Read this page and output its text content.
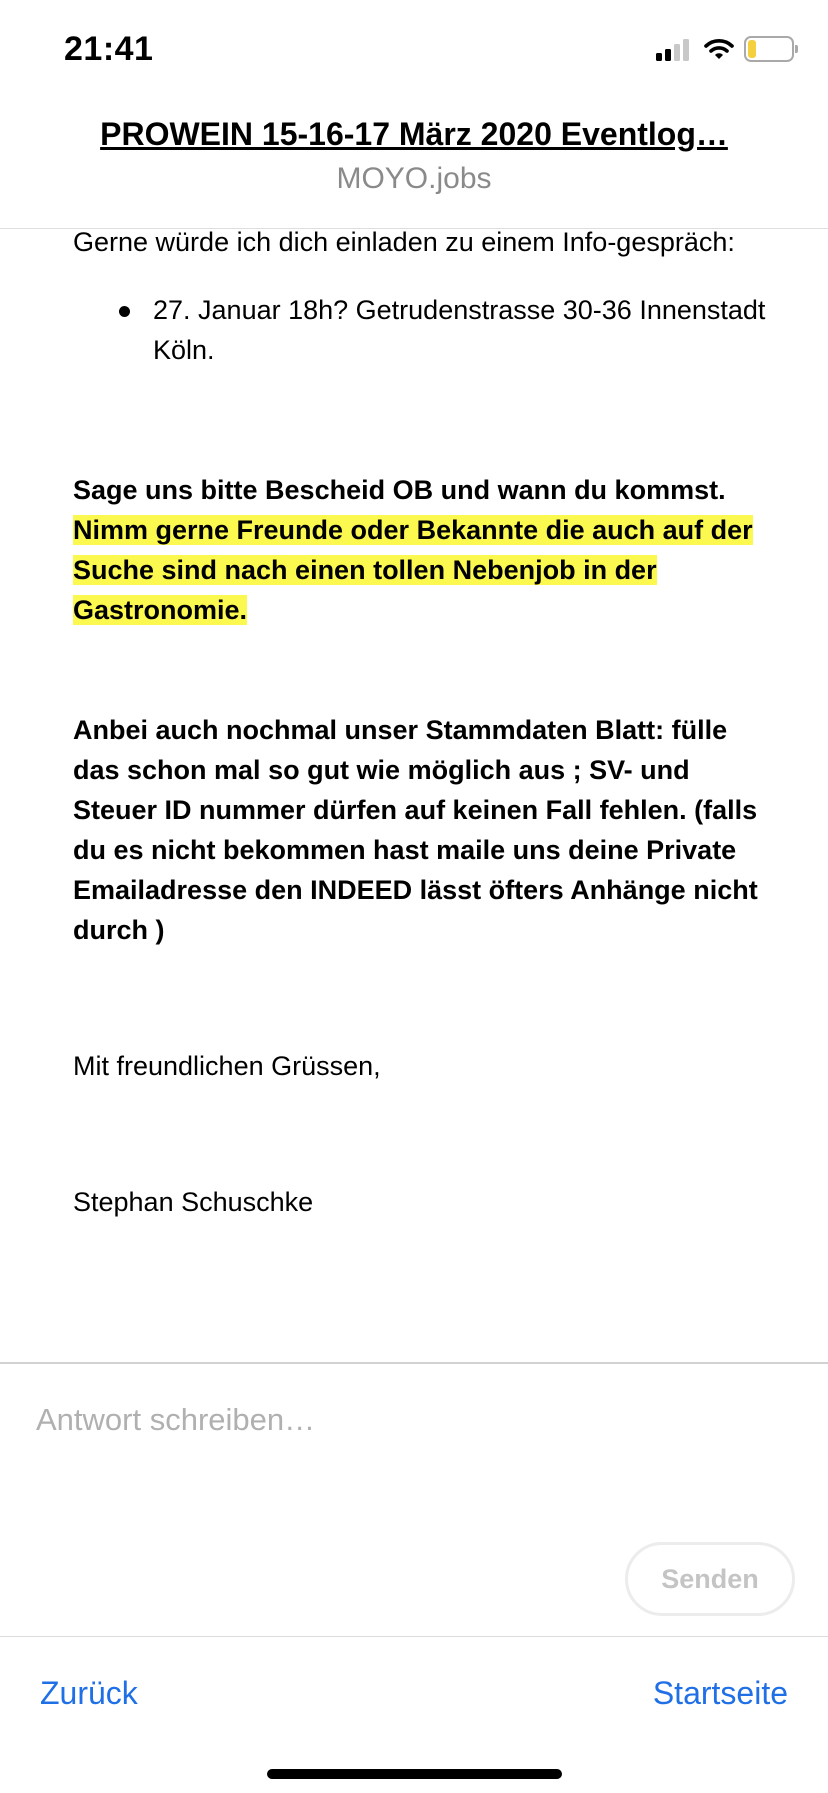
21:41
PROWEIN 15-16-17 März 2020 Eventlog…
MOYO.jobs

Gerne würde ich dich einladen zu einem Info-gespräch:

27. Januar 18h? Getrudenstrasse 30-36 Innenstadt Köln.

Sage uns bitte Bescheid OB und wann du kommst.
Nimm gerne Freunde oder Bekannte die auch auf der Suche sind nach einen tollen Nebenjob in der Gastronomie.

Anbei auch nochmal unser Stammdaten Blatt: fülle das schon mal so gut wie möglich aus ; SV- und Steuer ID nummer dürfen auf keinen Fall fehlen. (falls du es nicht bekommen hast maile uns deine Private Emailadresse den INDEED lässt öfters Anhänge nicht durch )

Mit freundlichen Grüssen,

Stephan Schuschke

Antwort schreiben…
Senden
Zurück	Startseite
